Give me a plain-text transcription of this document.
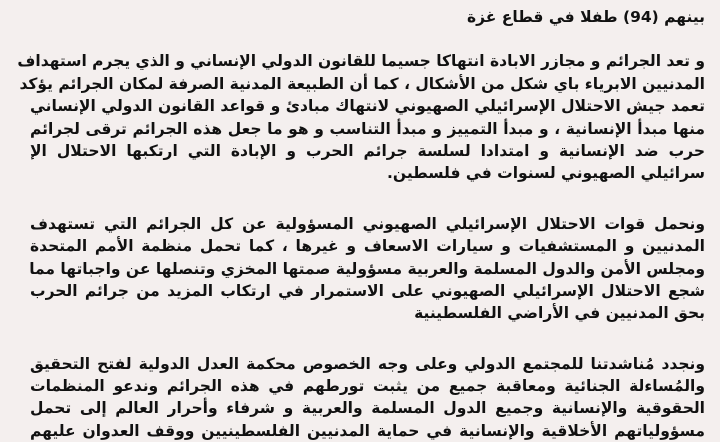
بينهم (94) طفلا في قطاع غزة
و تعد الجرائم و مجازر الابادة انتهاكا جسيما للقانون الدولي الإنساني و الذي يجرم استهداف
المدنيين الابرياء باي شكل من الأشكال ، كما أن الطبيعة المدنية الصرفة لمكان الجرائم يؤكد
تعمد جيش الاحتلال الإسرائيلي الصهيوني لانتهاك مبادئ و قواعد القانون الدولي الإنساني
منها مبدأ الإنسانية ، و مبدأ التمييز و مبدأ التناسب و هو ما جعل هذه الجرائم ترقى لجرائم
حرب ضد الإنسانية و امتدادا لسلسة جرائم الحرب و الإبادة التي ارتكبها الاحتلال الإ
سرائيلي الصهيوني لسنوات في فلسطين.
ونحمل قوات الاحتلال الإسرائيلي الصهيوني المسؤولية عن كل الجرائم التي تستهدف
المدنيين و المستشفيات و سيارات الاسعاف و غيرها ، كما تحمل منظمة الأمم المتحدة
ومجلس الأمن والدول المسلمة والعربية مسؤولية صمتها المخزي وتنصلها عن واجباتها مما
شجع الاحتلال الإسرائيلي الصهيوني على الاستمرار في ارتكاب المزيد من جرائم الحرب
بحق المدنيين في الأراضي الفلسطينية
ونجدد مُناشدتنا للمجتمع الدولي وعلى وجه الخصوص محكمة العدل الدولية لفتح التحقيق
والمُساءلة الجنائية ومعاقبة جميع من يثبت تورطهم في هذه الجرائم وندعو المنظمات
الحقوقية والإنسانية وجميع الدول المسلمة والعربية و شرفاء وأحرار العالم إلى تحمل
مسؤولياتهم الأخلاقية والإنسانية في حماية المدنيين الفلسطينيين ووقف العدوان عليهم
